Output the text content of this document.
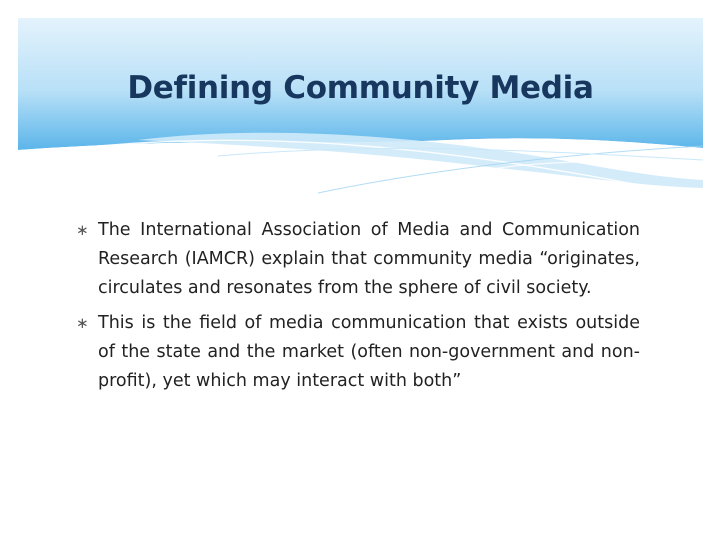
Defining Community Media
∗ The International Association of Media and Communication Research (IAMCR) explain that community media “originates, circulates and resonates from the sphere of civil society.
∗ This is the field of media communication that exists outside of the state and the market (often non-government and non-profit), yet which may interact with both”
